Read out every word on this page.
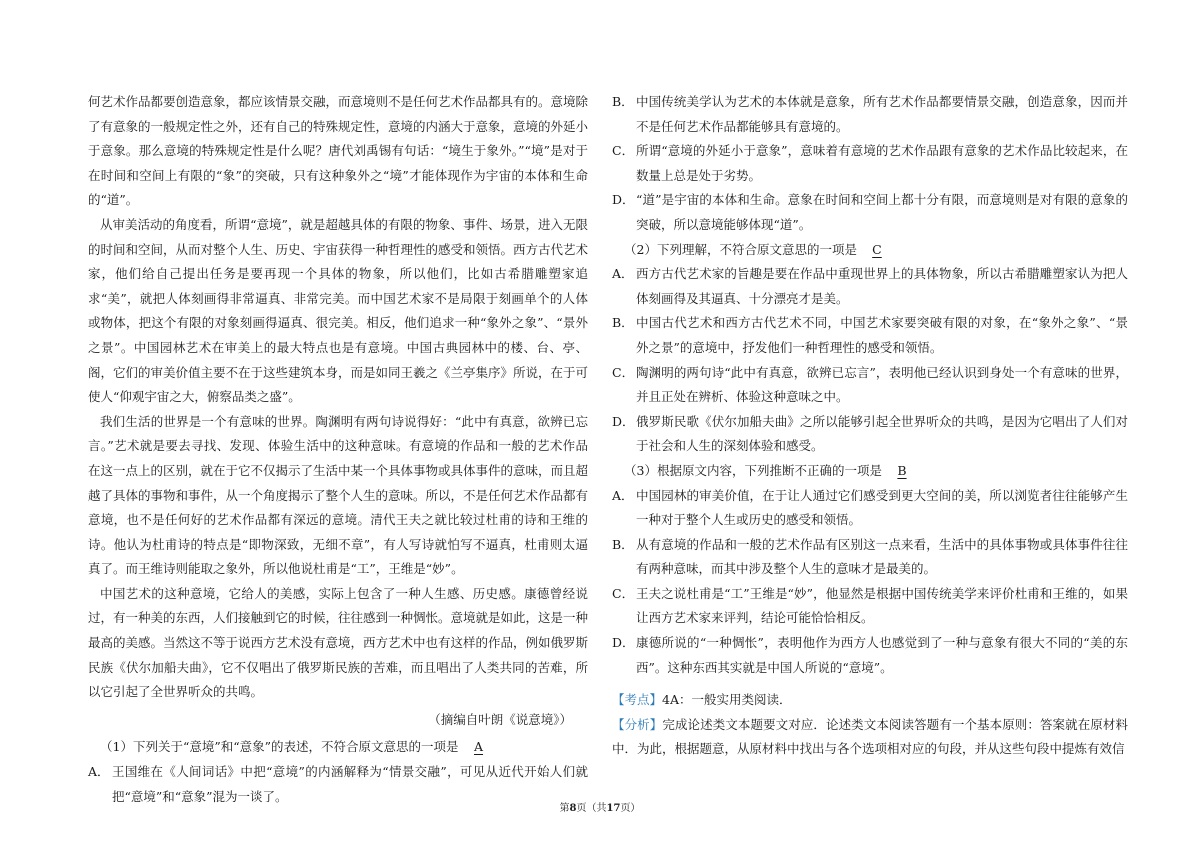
何艺术作品都要创造意象，都应该情景交融，而意境则不是任何艺术作品都具有的。意境除了有意象的一般规定性之外，还有自己的特殊规定性，意境的内涵大于意象，意境的外延小于意象。那么意境的特殊规定性是什么呢？唐代刘禹锡有句话：“境生于象外。”“境”是对于在时间和空间上有限的“象”的突破，只有这种象外之“境”才能体现作为宇宙的本体和生命的“道”。

从审美活动的角度看，所谓“意境”，就是超越具体的有限的物象、事件、场景，进入无限的时间和空间，从而对整个人生、历史、宇宙获得一种哲理性的感受和领悟。西方古代艺术家，他们给自己提出任务是要再现一个具体的物象，所以他们，比如古希腊雕塑家追求“美”，就把人体刻画得非常逼真、非常完美。而中国艺术家不是局限于刻画单个的人体或物体，把这个有限的对象刻画得逼真、很完美。相反，他们追求一种“象外之象”、“景外之景”。中国园林艺术在审美上的最大特点也是有意境。中国古典园林中的楼、台、亭、阁，它们的审美价值主要不在于这些建筑本身，而是如同王羲之《兰亭集序》所说，在于可使人“仰观宇宙之大，俯察品类之盛”。

我们生活的世界是一个有意味的世界。陶渊明有两句诗说得好：“此中有真意，欲辨已忘言。”艺术就是要去寻找、发现、体验生活中的这种意味。有意境的作品和一般的艺术作品在这一点上的区别，就在于它不仅揭示了生活中某一个具体事物或具体事件的意味，而且超越了具体的事物和事件，从一个角度揭示了整个人生的意味。所以，不是任何艺术作品都有意境，也不是任何好的艺术作品都有深远的意境。清代王夫之就比较过杜甫的诗和王维的诗。他认为杜甫诗的特点是“即物深致，无细不章”，有人写诗就怕写不逼真，杜甫则太逼真了。而王维诗则能取之象外，所以他说杜甫是“工”，王维是“妙”。

中国艺术的这种意境，它给人的美感，实际上包含了一种人生感、历史感。康德曾经说过，有一种美的东西，人们接触到它的时候，往往感到一种惆怅。意境就是如此，这是一种最高的美感。当然这不等于说西方艺术没有意境，西方艺术中也有这样的作品，例如俄罗斯民族《伏尔加船夫曲》，它不仅唱出了俄罗斯民族的苦难，而且唱出了人类共同的苦难，所以它引起了全世界听众的共鸣。

（摘编自叶朗《说意境》）

（1）下列关于“意境”和“意象”的表述，不符合原文意思的一项是 A

A． 王国维在《人间词话》中把“意境”的内涵解释为“情景交融”，可见从近代开始人们就把“意境”和“意象”混为一谈了。

B． 中国传统美学认为艺术的本体就是意象，所有艺术作品都要情景交融，创造意象，因而并不是任何艺术作品都能够具有意境的。

C． 所谓“意境的外延小于意象”，意味着有意境的艺术作品跟有意象的艺术作品比较起来，在数量上总是处于劣势。

D． “道”是宇宙的本体和生命。意象在时间和空间上都十分有限，而意境则是对有限的意象的突破，所以意境能够体现“道”。

（2）下列理解，不符合原文意思的一项是 C

A． 西方古代艺术家的旨趣是要在作品中重现世界上的具体物象，所以古希腊雕塑家认为把人体刻画得及其逼真、十分漂亮才是美。

B． 中国古代艺术和西方古代艺术不同，中国艺术家要突破有限的对象，在“象外之象”、“景外之景”的意境中，抒发他们一种哲理性的感受和领悟。

C． 陶渊明的两句诗“此中有真意，欲辨已忘言”，表明他已经认识到身处一个有意味的世界，并且正处在辨析、体验这种意味之中。

D． 俄罗斯民歌《伏尔加船夫曲》之所以能够引起全世界听众的共鸣，是因为它唱出了人们对于社会和人生的深刻体验和感受。

（3）根据原文内容，下列推断不正确的一项是 B

A． 中国园林的审美价值，在于让人通过它们感受到更大空间的美，所以浏览者往往能够产生一种对于整个人生或历史的感受和领悟。

B． 从有意境的作品和一般的艺术作品有区别这一点来看，生活中的具体事物或具体事件往往有两种意味，而其中涉及整个人生的意味才是最美的。

C． 王夫之说杜甫是“工”王维是“妙”，他显然是根据中国传统美学来评价杜甫和王维的，如果让西方艺术家来评判，结论可能恰恰相反。

D． 康德所说的“一种惆怅”，表明他作为西方人也感觉到了一种与意象有很大不同的“美的东西”。这种东西其实就是中国人所说的“意境”。

【考点】4A：一般实用类阅读．

【分析】完成论述类文本题要文对应．论述类文本阅读答题有一个基本原则：答案就在原材料中．为此，根据题意，从原材料中找出与各个选项相对应的句段，并从这些句段中提炼有效信

第8页（共17页）
